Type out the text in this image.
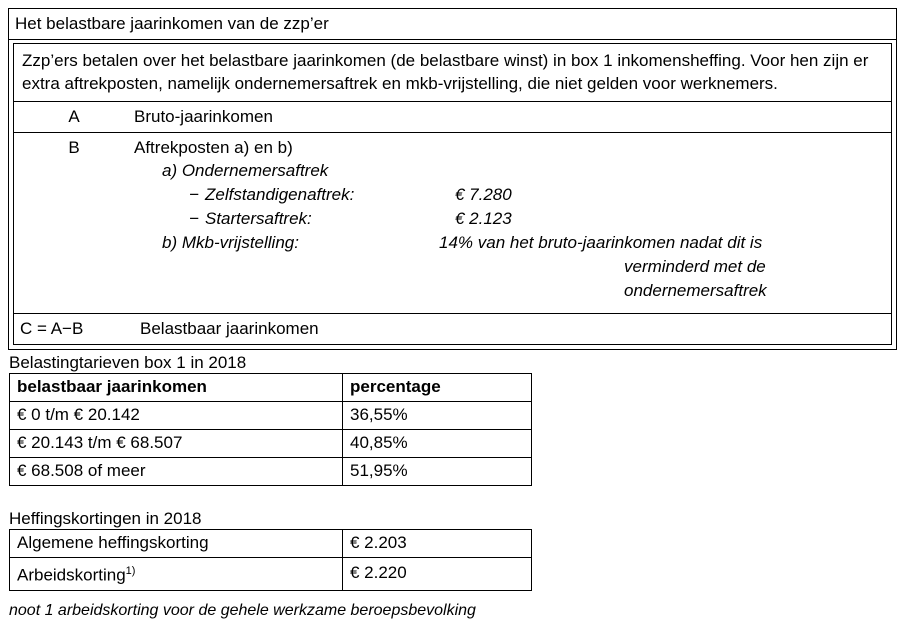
Het belastbare jaarinkomen van de zzp’er
Zzp’ers betalen over het belastbare jaarinkomen (de belastbare winst) in box 1 inkomensheffing. Voor hen zijn er extra aftrekposten, namelijk ondernemersaftrek en mkb-vrijstelling, die niet gelden voor werknemers.
A	Bruto-jaarinkomen
B	Aftrekposten a) en b)
a) Ondernemersaftrek
− Zelfstandigenaftrek:	€ 7.280
− Startersaftrek:	€ 2.123
b) Mkb-vrijstelling:	14% van het bruto-jaarinkomen nadat dit is
verminderd met de ondernemersaftrek
C = A−B	Belastbaar jaarinkomen
Belastingtarieven box 1 in 2018
belastbaar jaarinkomen	percentage
€ 0 t/m € 20.142	36,55%
€ 20.143 t/m € 68.507	40,85%
€ 68.508 of meer	51,95%
Heffingskortingen in 2018
Algemene heffingskorting	€ 2.203
Arbeidskorting$^{1)}$	€ 2.220
noot 1 arbeidskorting voor de gehele werkzame beroepsbevolking
